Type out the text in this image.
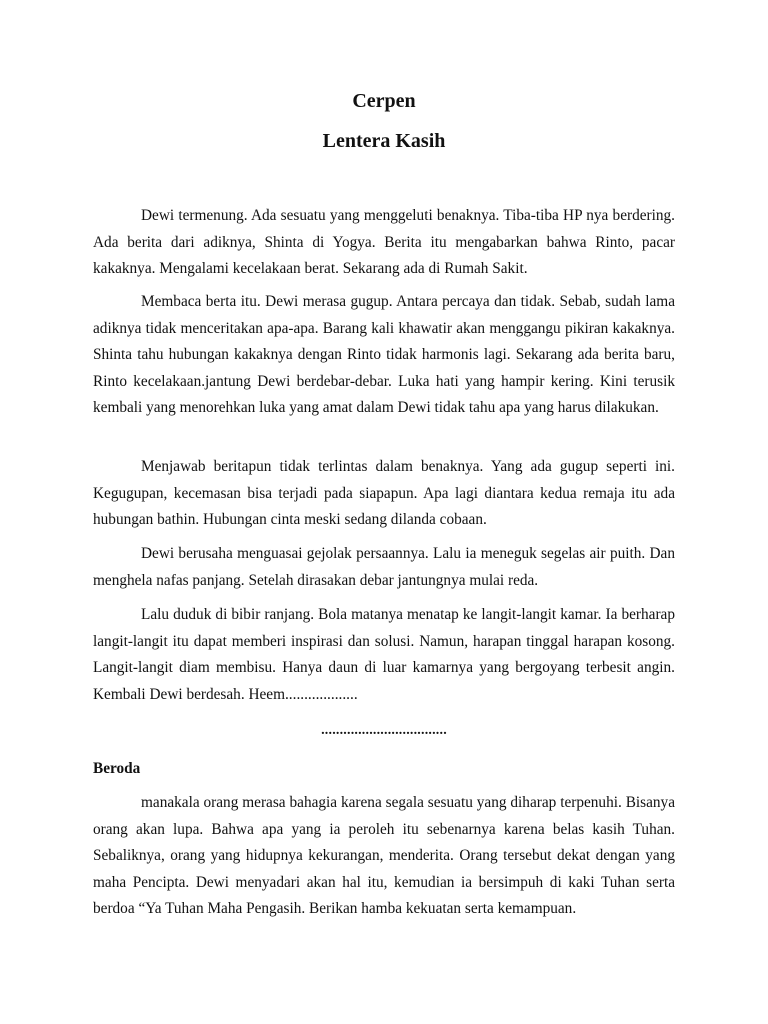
Cerpen
Lentera Kasih

Dewi termenung. Ada sesuatu yang menggeluti benaknya. Tiba-tiba HP nya berdering. Ada berita dari adiknya, Shinta di Yogya. Berita itu mengabarkan bahwa Rinto, pacar kakaknya. Mengalami kecelakaan berat. Sekarang ada di Rumah Sakit.

Membaca berta itu. Dewi merasa gugup. Antara percaya dan tidak. Sebab, sudah lama adiknya tidak menceritakan apa-apa. Barang kali khawatir akan menggangu pikiran kakaknya. Shinta tahu hubungan kakaknya dengan Rinto tidak harmonis lagi. Sekarang ada berita baru, Rinto kecelakaan.jantung Dewi berdebar-debar. Luka hati yang hampir kering. Kini terusik kembali yang menorehkan luka yang amat dalam Dewi tidak tahu apa yang harus dilakukan.

Menjawab beritapun tidak terlintas dalam benaknya. Yang ada gugup seperti ini. Kegugupan, kecemasan bisa terjadi pada siapapun. Apa lagi diantara kedua remaja itu ada hubungan bathin. Hubungan cinta meski sedang dilanda cobaan.

Dewi berusaha menguasai gejolak persaannya. Lalu ia meneguk segelas air puith. Dan menghela nafas panjang. Setelah dirasakan debar jantungnya mulai reda.

Lalu duduk di bibir ranjang. Bola matanya menatap ke langit-langit kamar. Ia berharap langit-langit itu dapat memberi inspirasi dan solusi. Namun, harapan tinggal harapan kosong. Langit-langit diam membisu. Hanya daun di luar kamarnya yang bergoyang terbesit angin. Kembali Dewi berdesah. Heem...................

..................................

Beroda

manakala orang merasa bahagia karena segala sesuatu yang diharap terpenuhi. Bisanya orang akan lupa. Bahwa apa yang ia peroleh itu sebenarnya karena belas kasih Tuhan. Sebaliknya, orang yang hidupnya kekurangan, menderita. Orang tersebut dekat dengan yang maha Pencipta. Dewi menyadari akan hal itu, kemudian ia bersimpuh di kaki Tuhan serta berdoa “Ya Tuhan Maha Pengasih. Berikan hamba kekuatan serta kemampuan.
